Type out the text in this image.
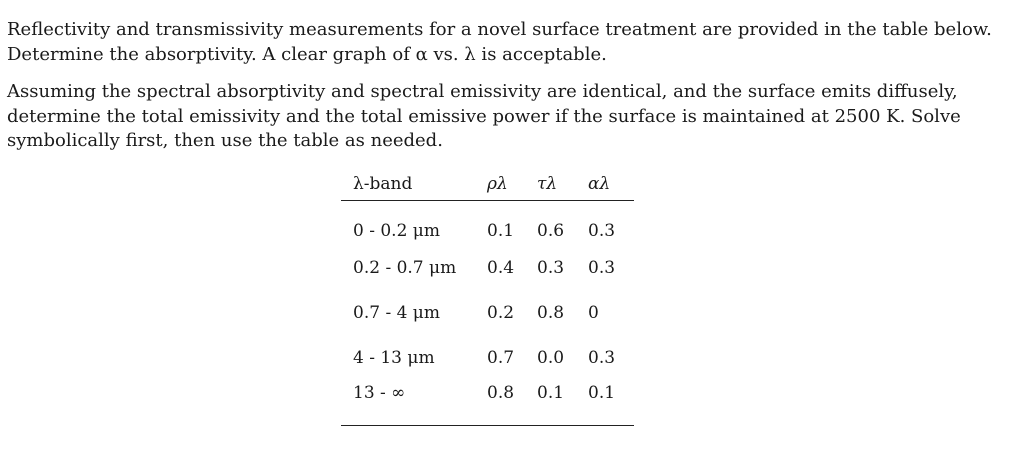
Reflectivity and transmissivity measurements for a novel surface treatment are provided in the table below.
Determine the absorptivity. A clear graph of α vs. λ is acceptable.

Assuming the spectral absorptivity and spectral emissivity are identical, and the surface emits diffusely,
determine the total emissivity and the total emissive power if the surface is maintained at 2500 K. Solve
symbolically first, then use the table as needed.

λ-band	ρλ	τλ	αλ
0 - 0.2 μm	0.1	0.6	0.3
0.2 - 0.7 μm	0.4	0.3	0.3
0.7 - 4 μm	0.2	0.8	0
4 - 13 μm	0.7	0.0	0.3
13 - ∞	0.8	0.1	0.1
